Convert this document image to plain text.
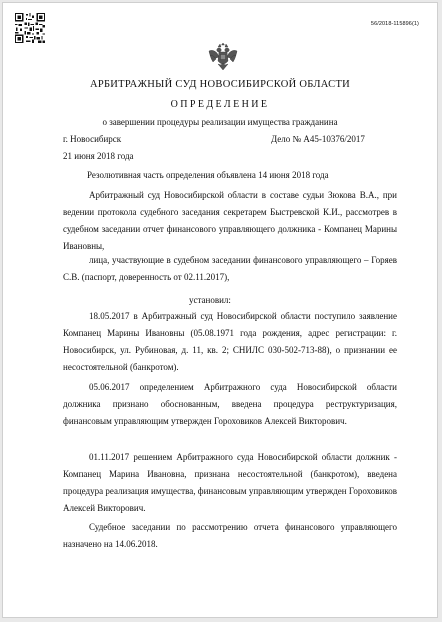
56/2018-115896(1)
АРБИТРАЖНЫЙ СУД НОВОСИБИРСКОЙ ОБЛАСТИ
ОПРЕДЕЛЕНИЕ
о завершении процедуры реализации имущества гражданина
г. Новосибирск	Дело № А45-10376/2017
21 июня 2018 года
Резолютивная часть определения объявлена 14 июня 2018 года
Арбитражный суд Новосибирской области в составе судьи Зюкова В.А., при ведении протокола судебного заседания секретарем Быстревской К.И., рассмотрев в судебном заседании отчет финансового управляющего должника - Компанец Марины Ивановны,
лица, участвующие в судебном заседании финансового управляющего – Горяев С.В. (паспорт, доверенность от 02.11.2017),
установил:
18.05.2017 в Арбитражный суд Новосибирской области поступило заявление Компанец Марины Ивановны (05.08.1971 года рождения, адрес регистрации: г. Новосибирск, ул. Рубиновая, д. 11, кв. 2; СНИЛС 030-502-713-88), о признании ее несостоятельной (банкротом).
05.06.2017 определением Арбитражного суда Новосибирской области должника признано обоснованным, введена процедура реструктуризация, финансовым управляющим утвержден Гороховиков Алексей Викторович.
01.11.2017 решением Арбитражного суда Новосибирской области должник - Компанец Марина Ивановна, признана несостоятельной (банкротом), введена процедура реализация имущества, финансовым управляющим утвержден Гороховиков Алексей Викторович.
Судебное заседании по рассмотрению отчета финансового управляющего назначено на 14.06.2018.
